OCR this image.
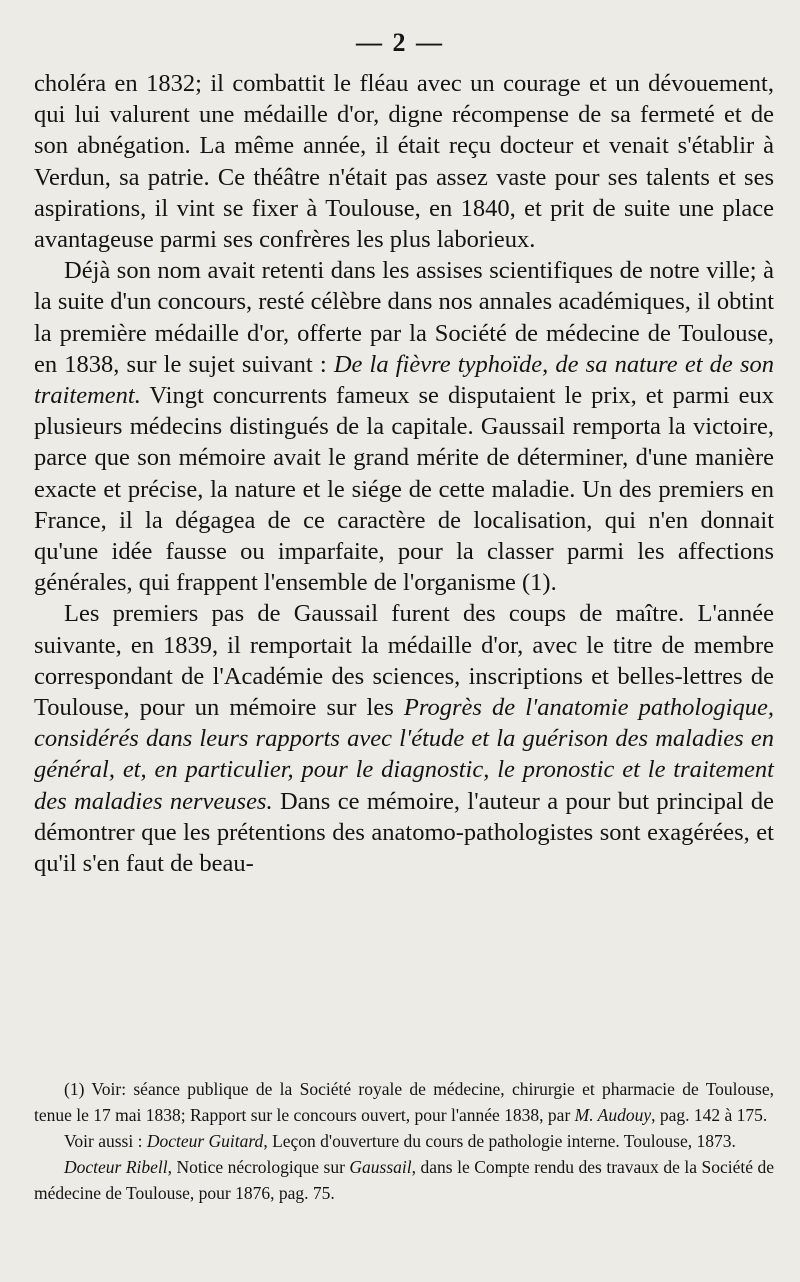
— 2 —

choléra en 1832; il combattit le fléau avec un courage et un dévouement, qui lui valurent une médaille d'or, digne récompense de sa fermeté et de son abnégation. La même année, il était reçu docteur et venait s'établir à Verdun, sa patrie. Ce théâtre n'était pas assez vaste pour ses talents et ses aspirations, il vint se fixer à Toulouse, en 1840, et prit de suite une place avantageuse parmi ses confrères les plus laborieux.

Déjà son nom avait retenti dans les assises scientifiques de notre ville; à la suite d'un concours, resté célèbre dans nos annales académiques, il obtint la première médaille d'or, offerte par la Société de médecine de Toulouse, en 1838, sur le sujet suivant : De la fièvre typhoïde, de sa nature et de son traitement. Vingt concurrents fameux se disputaient le prix, et parmi eux plusieurs médecins distingués de la capitale. Gaussail remporta la victoire, parce que son mémoire avait le grand mérite de déterminer, d'une manière exacte et précise, la nature et le siége de cette maladie. Un des premiers en France, il la dégagea de ce caractère de localisation, qui n'en donnait qu'une idée fausse ou imparfaite, pour la classer parmi les affections générales, qui frappent l'ensemble de l'organisme (1).

Les premiers pas de Gaussail furent des coups de maître. L'année suivante, en 1839, il remportait la médaille d'or, avec le titre de membre correspondant de l'Académie des sciences, inscriptions et belles-lettres de Toulouse, pour un mémoire sur les Progrès de l'anatomie pathologique, considérés dans leurs rapports avec l'étude et la guérison des maladies en général, et, en particulier, pour le diagnostic, le pronostic et le traitement des maladies nerveuses. Dans ce mémoire, l'auteur a pour but principal de démontrer que les prétentions des anatomo-pathologistes sont exagérées, et qu'il s'en faut de beau-

(1) Voir: séance publique de la Société royale de médecine, chirurgie et pharmacie de Toulouse, tenue le 17 mai 1838; Rapport sur le concours ouvert, pour l'année 1838, par M. Audouy, pag. 142 à 175.

Voir aussi : Docteur Guitard, Leçon d'ouverture du cours de pathologie interne. Toulouse, 1873.

Docteur Ribell, Notice nécrologique sur Gaussail, dans le Compte rendu des travaux de la Société de médecine de Toulouse, pour 1876, pag. 75.
